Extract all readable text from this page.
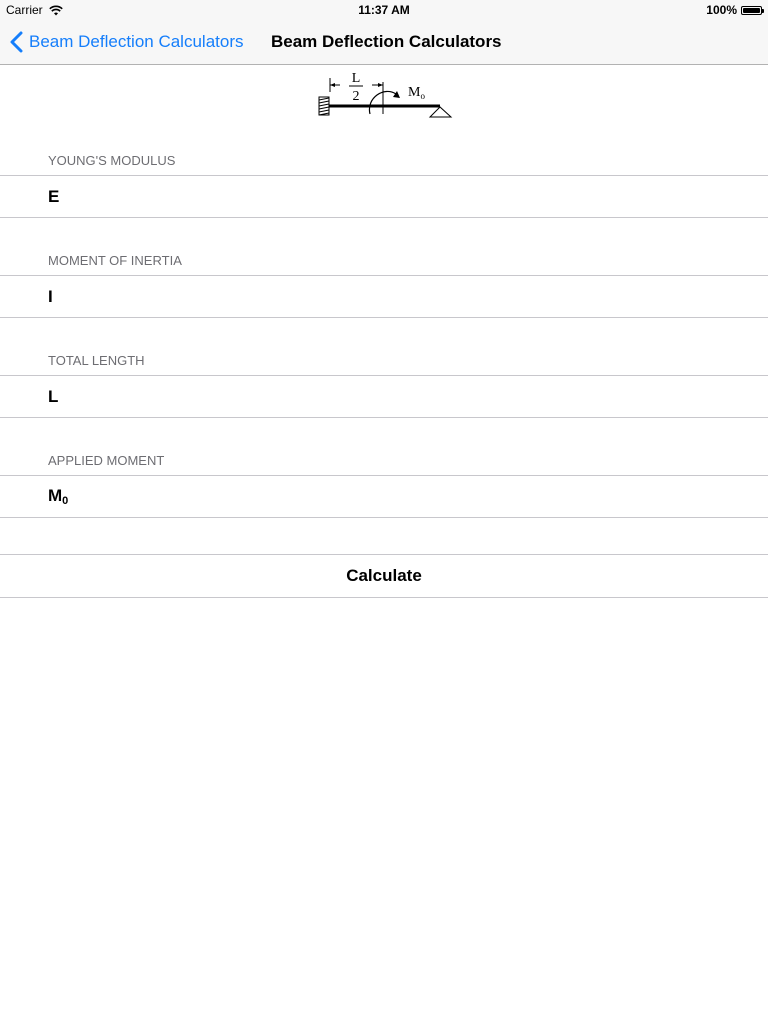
Carrier	11:37 AM	100%
Beam Deflection Calculators Beam Deflection Calculators
L
2	$M_o$
YOUNG'S MODULUS
E
MOMENT OF INERTIA
I
TOTAL LENGTH
L
APPLIED MOMENT
$M_0$
Calculate
